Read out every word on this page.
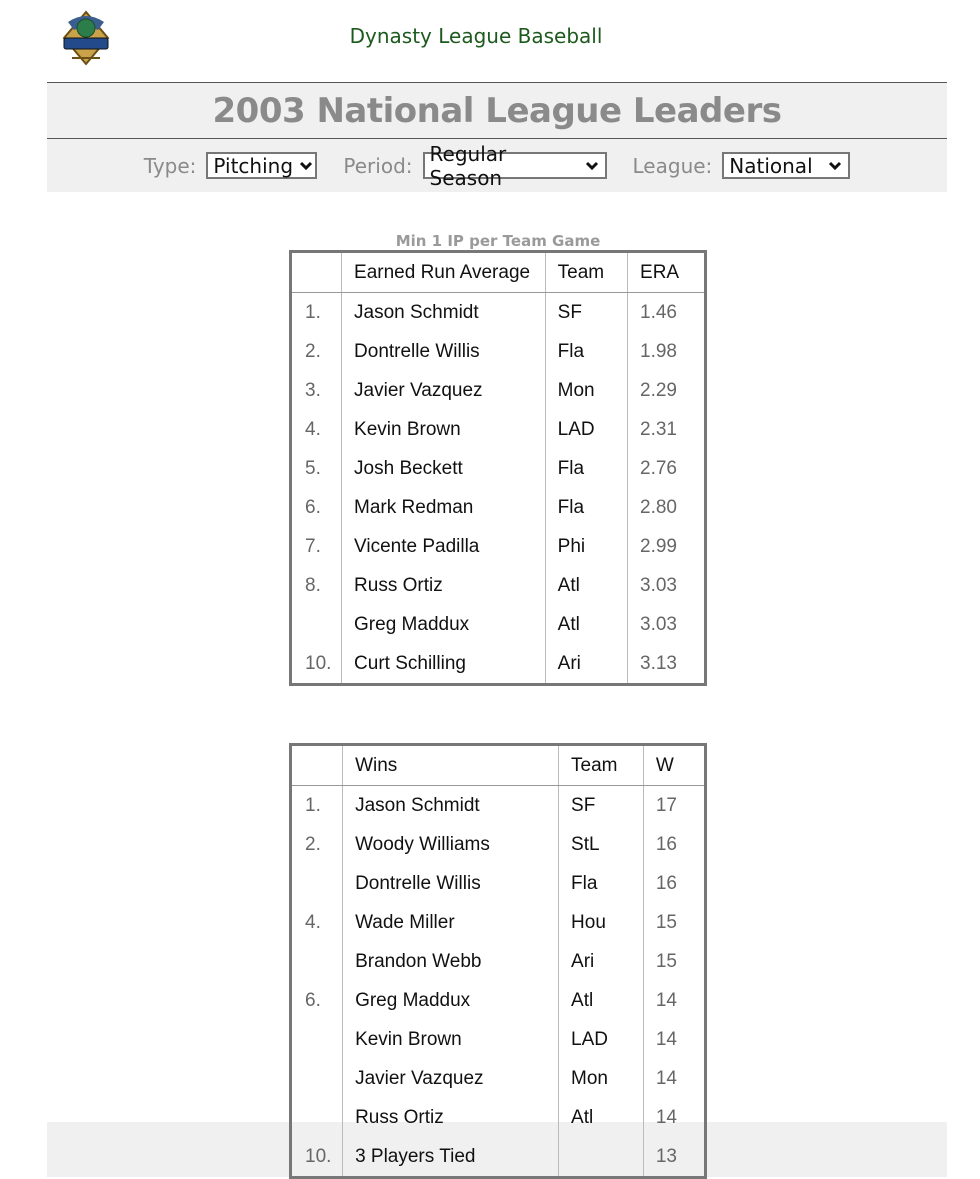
Dynasty League Baseball
2003 National League Leaders
Type: Pitching	Period: Regular Season	League: National
Min 1 IP per Team Game
	Earned Run Average	Team	ERA
1.	Jason Schmidt	SF	1.46
2.	Dontrelle Willis	Fla	1.98
3.	Javier Vazquez	Mon	2.29
4.	Kevin Brown	LAD	2.31
5.	Josh Beckett	Fla	2.76
6.	Mark Redman	Fla	2.80
7.	Vicente Padilla	Phi	2.99
8.	Russ Ortiz	Atl	3.03
	Greg Maddux	Atl	3.03
10.	Curt Schilling	Ari	3.13
	Wins	Team	W
1.	Jason Schmidt	SF	17
2.	Woody Williams	StL	16
	Dontrelle Willis	Fla	16
4.	Wade Miller	Hou	15
	Brandon Webb	Ari	15
6.	Greg Maddux	Atl	14
	Kevin Brown	LAD	14
	Javier Vazquez	Mon	14
	Russ Ortiz	Atl	14
10.	3 Players Tied		13
